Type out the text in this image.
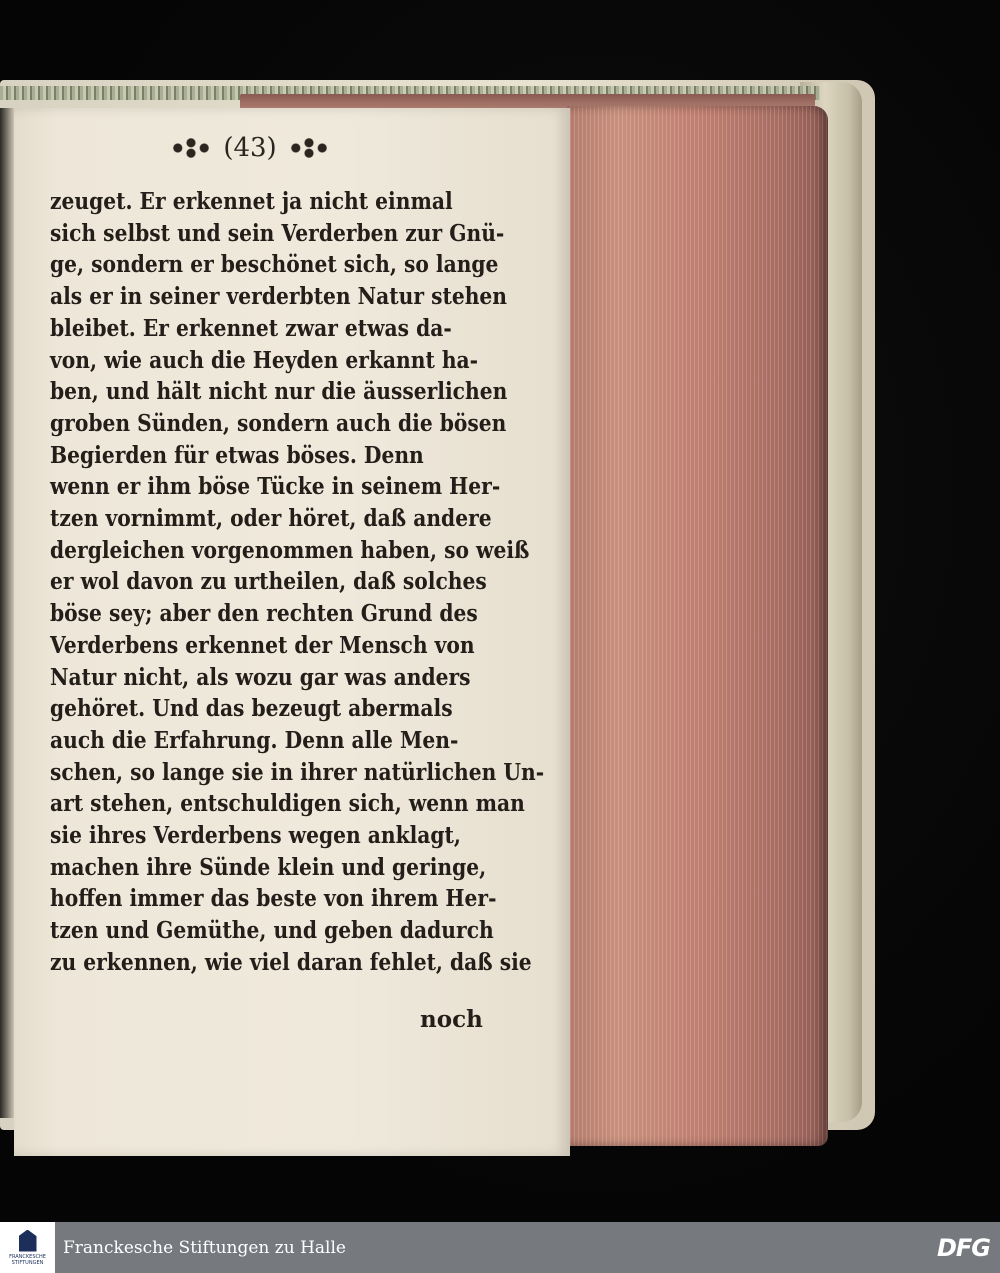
(43)
zeuget. Er erkennet ja nicht einmal
sich selbst und sein Verderben zur Gnü-
ge, sondern er beschönet sich, so lange
als er in seiner verderbten Natur stehen
bleibet. Er erkennet zwar etwas da-
von, wie auch die Heyden erkannt ha-
ben, und hält nicht nur die äusserlichen
groben Sünden, sondern auch die bösen
Begierden für etwas böses. Denn
wenn er ihm böse Tücke in seinem Her-
tzen vornimmt, oder höret, daß andere
dergleichen vorgenommen haben, so weiß
er wol davon zu urtheilen, daß solches
böse sey; aber den rechten Grund des
Verderbens erkennet der Mensch von
Natur nicht, als wozu gar was anders
gehöret. Und das bezeugt abermals
auch die Erfahrung. Denn alle Men-
schen, so lange sie in ihrer natürlichen Un-
art stehen, entschuldigen sich, wenn man
sie ihres Verderbens wegen anklagt,
machen ihre Sünde klein und geringe,
hoffen immer das beste von ihrem Her-
tzen und Gemüthe, und geben dadurch
zu erkennen, wie viel daran fehlet, daß sie
noch
FRANCKESCHE
STIFTUNGEN
Franckesche Stiftungen zu Halle	DFG
